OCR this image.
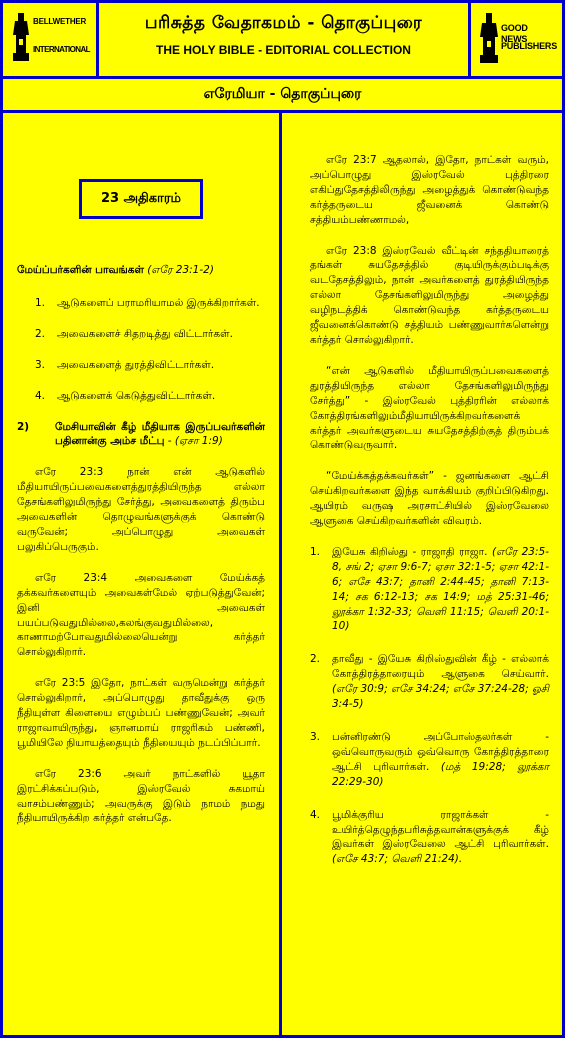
BELLWETHER
INTERNATIONAL
பரிசுத்த வேதாகமம் - தொகுப்புரை
THE HOLY BIBLE - EDITORIAL COLLECTION
GOOD NEWS
PUBLISHERS
எரேமியா - தொகுப்புரை
23 அதிகாரம்
மேய்ப்பர்களின் பாவங்கள் (எரே 23:1-2)
1.	ஆடுகளைப் பராமரியாமல் இருக்கிறார்கள்.
2.	அவைகளைச் சிதறடித்து விட்டார்கள்.
3.	அவைகளைத் துரத்திவிட்டார்கள்.
4.	ஆடுகளைக் கெடுத்துவிட்டார்கள்.
2)	மேசியாவின் கீழ் மீதியாக இருப்பவர்களின் பதினான்கு அம்ச மீட்பு - (ஏசா 1:9)

எரே 23:3 நான் என் ஆடுகளில் மீதியாயிருப்பவைகளைத்துரத்தியிருந்த எல்லா தேசங்களிலுமிருந்து சேர்த்து, அவைகளைத் திரும்ப அவைகளின் தொழுவங்களுக்குக் கொண்டு வருவேன்; அப்பொழுது அவைகள் பலுகிப்பெருகும்.

எரே 23:4 அவைகளை மேய்க்கத் தக்கவர்களையும் அவைகள்மேல் ஏற்படுத்துவேன்; இனி அவைகள் பயப்படுவதுமில்லை,கலங்குவதுமில்லை, காணாமற்போவதுமில்லையென்று கர்த்தர் சொல்லுகிறார்.

எரே 23:5 இதோ, நாட்கள் வருமென்று கர்த்தர் சொல்லுகிறார், அப்பொழுது தாவீதுக்கு ஒரு நீதியுள்ள கிளையை எழும்பப் பண்ணுவேன்; அவர் ராஜாவாயிருந்து, ஞானமாய் ராஜரிகம் பண்ணி, பூமியிலே நியாயத்தையும் நீதியையும் நடப்பிப்பார்.

எரே 23:6 அவர் நாட்களில் யூதா இரட்சிக்கப்படும், இஸ்ரவேல் சுகமாய் வாசம்பண்ணும்; அவருக்கு இடும் நாமம் நமது நீதியாயிருக்கிற கர்த்தர் என்பதே.

எரே 23:7 ஆதலால், இதோ, நாட்கள் வரும், அப்பொழுது இஸ்ரவேல் புத்திரரை எகிப்துதேசத்திலிருந்து அழைத்துக் கொண்டுவந்த கர்த்தருடைய ஜீவனைக் கொண்டு சத்தியம்பண்ணாமல்,

எரே 23:8 இஸ்ரவேல் வீட்டின் சந்ததியாரைத் தங்கள் சுயதேசத்தில் குடியிருக்கும்படிக்கு வடதேசத்திலும், நான் அவர்களைத் துரத்தியிருந்த எல்லா தேசங்களிலுமிருந்து அழைத்து வழிநடத்திக் கொண்டுவந்த கர்த்தருடைய ஜீவனைக்கொண்டு சத்தியம் பண்ணுவார்களென்று கர்த்தர் சொல்லுகிறார்.

“என் ஆடுகளில் மீதியாயிருப்பவைகளைத் துரத்தியிருந்த எல்லா தேசங்களிலுமிருந்து சேர்த்து” - இஸ்ரவேல் புத்திரரின் எல்லாக் கோத்திரங்களிலும்மீதியாயிருக்கிறவர்களைக் கர்த்தர் அவர்களுடைய சுயதேசத்திற்குத் திரும்பக் கொண்டுவருவார்.

“மேய்க்கத்தக்கவர்கள்” - ஜனங்களை ஆட்சி செய்கிறவர்களை இந்த வாக்கியம் குறிப்பிடுகிறது. ஆயிரம் வருஷ அரசாட்சியில் இஸ்ரவேலை ஆளுகை செய்கிறவர்களின் விவரம்.

1.	இயேசு கிறிஸ்து - ராஜாதி ராஜா. (எரே 23:5-8, சங் 2; ஏசா 9:6-7; ஏசா 32:1-5; ஏசா 42:1-6; எசே 43:7; தானி 2:44-45; தானி 7:13-14; சக 6:12-13; சக 14:9; மத் 25:31-46; லூக்கா 1:32-33; வெளி 11:15; வெளி 20:1-10)
2.	தாவீது - இயேசு கிறிஸ்துவின் கீழ் - எல்லாக் கோத்திரத்தாரையும் ஆளுகை செய்வார். (எரே 30:9; எசே 34:24; எசே 37:24-28; ஓசி 3:4-5)
3.	பன்னிரண்டு அப்போஸ்தலர்கள் - ஒவ்வொருவரும் ஒவ்வொரு கோத்திரத்தாரை ஆட்சி புரிவார்கள். (மத் 19:28; லூக்கா 22:29-30)
4.	பூமிக்குரிய ராஜாக்கள் - உயிர்த்தெழுந்தபரிசுத்தவான்களுக்குக் கீழ் இவர்கள் இஸ்ரவேலை ஆட்சி புரிவார்கள். (எசே 43:7; வெளி 21:24).
